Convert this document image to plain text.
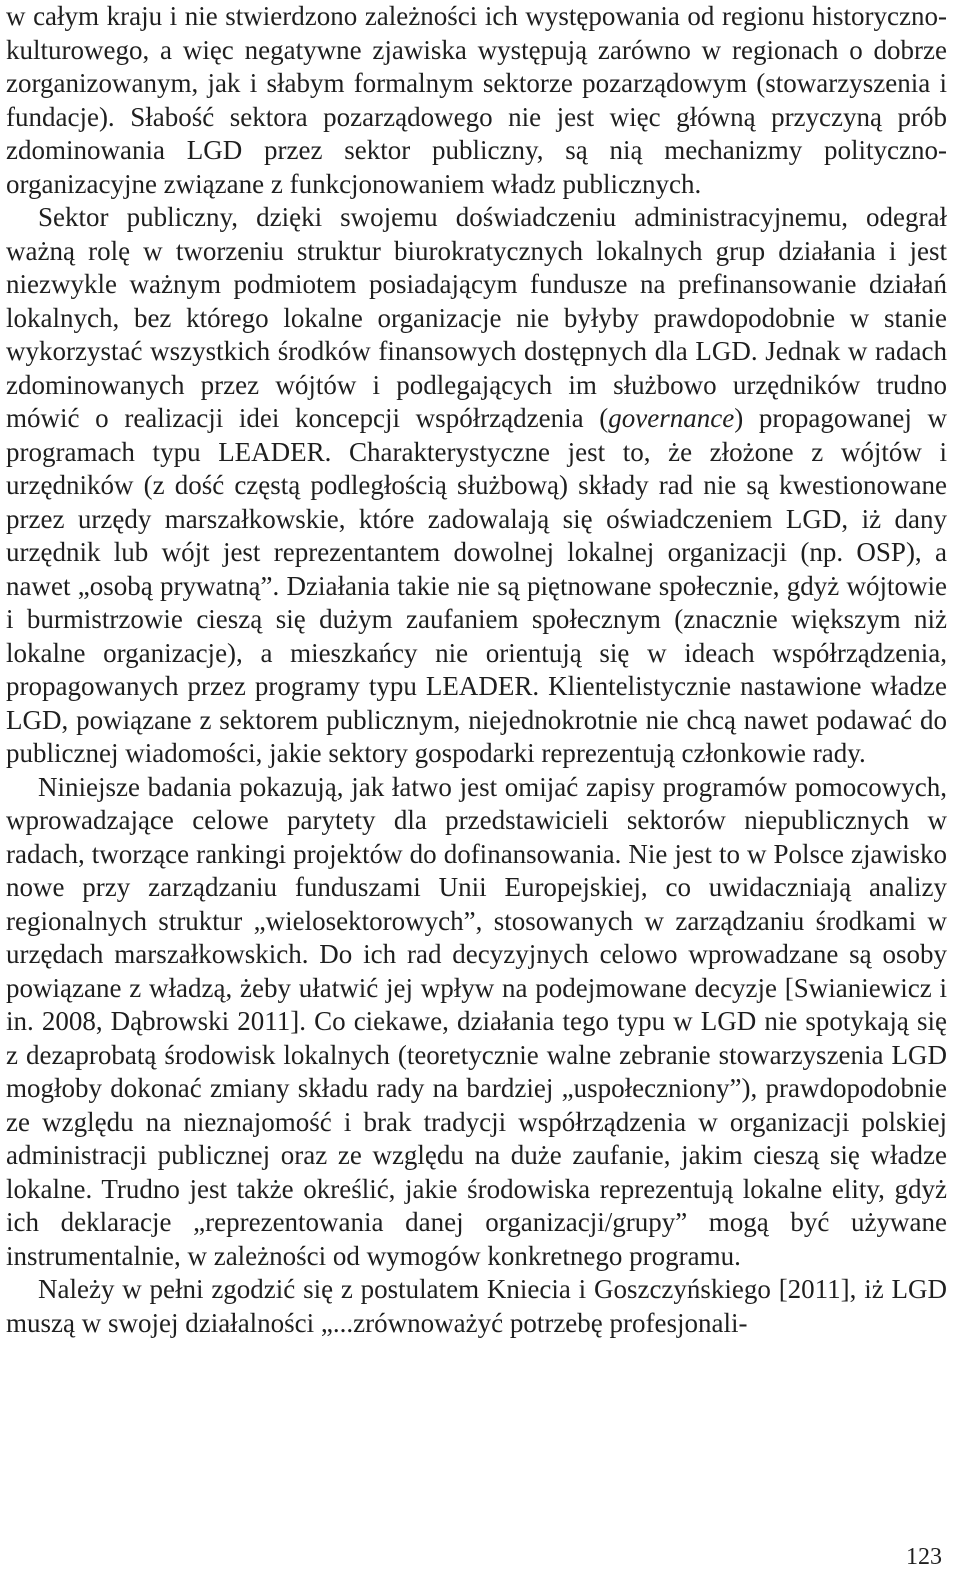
w całym kraju i nie stwierdzono zależności ich występowania od regionu historyczno-kulturowego, a więc negatywne zjawiska występują zarówno w regionach o dobrze zorganizowanym, jak i słabym formalnym sektorze pozarządowym (stowarzyszenia i fundacje). Słabość sektora pozarządowego nie jest więc główną przyczyną prób zdominowania LGD przez sektor publiczny, są nią mechanizmy polityczno-organizacyjne związane z funkcjonowaniem władz publicznych.

Sektor publiczny, dzięki swojemu doświadczeniu administracyjnemu, odegrał ważną rolę w tworzeniu struktur biurokratycznych lokalnych grup działania i jest niezwykle ważnym podmiotem posiadającym fundusze na prefinansowanie działań lokalnych, bez którego lokalne organizacje nie byłyby prawdopodobnie w stanie wykorzystać wszystkich środków finansowych dostępnych dla LGD. Jednak w radach zdominowanych przez wójtów i podlegających im służbowo urzędników trudno mówić o realizacji idei koncepcji współrządzenia (governance) propagowanej w programach typu LEADER. Charakterystyczne jest to, że złożone z wójtów i urzędników (z dość częstą podległością służbową) składy rad nie są kwestionowane przez urzędy marszałkowskie, które zadowalają się oświadczeniem LGD, iż dany urzędnik lub wójt jest reprezentantem dowolnej lokalnej organizacji (np. OSP), a nawet „osobą prywatną”. Działania takie nie są piętnowane społecznie, gdyż wójtowie i burmistrzowie cieszą się dużym zaufaniem społecznym (znacznie większym niż lokalne organizacje), a mieszkańcy nie orientują się w ideach współrządzenia, propagowanych przez programy typu LEADER. Klientelistycznie nastawione władze LGD, powiązane z sektorem publicznym, niejednokrotnie nie chcą nawet podawać do publicznej wiadomości, jakie sektory gospodarki reprezentują członkowie rady.

Niniejsze badania pokazują, jak łatwo jest omijać zapisy programów pomocowych, wprowadzające celowe parytety dla przedstawicieli sektorów niepublicznych w radach, tworzące rankingi projektów do dofinansowania. Nie jest to w Polsce zjawisko nowe przy zarządzaniu funduszami Unii Europejskiej, co uwidaczniają analizy regionalnych struktur „wielosektorowych”, stosowanych w zarządzaniu środkami w urzędach marszałkowskich. Do ich rad decyzyjnych celowo wprowadzane są osoby powiązane z władzą, żeby ułatwić jej wpływ na podejmowane decyzje [Swianiewicz i in. 2008, Dąbrowski 2011]. Co ciekawe, działania tego typu w LGD nie spotykają się z dezaprobatą środowisk lokalnych (teoretycznie walne zebranie stowarzyszenia LGD mogłoby dokonać zmiany składu rady na bardziej „uspołeczniony”), prawdopodobnie ze względu na nieznajomość i brak tradycji współrządzenia w organizacji polskiej administracji publicznej oraz ze względu na duże zaufanie, jakim cieszą się władze lokalne. Trudno jest także określić, jakie środowiska reprezentują lokalne elity, gdyż ich deklaracje „reprezentowania danej organizacji/grupy” mogą być używane instrumentalnie, w zależności od wymogów konkretnego programu.

Należy w pełni zgodzić się z postulatem Kniecia i Goszczyńskiego [2011], iż LGD muszą w swojej działalności „...zrównoważyć potrzebę profesjonali-

123
